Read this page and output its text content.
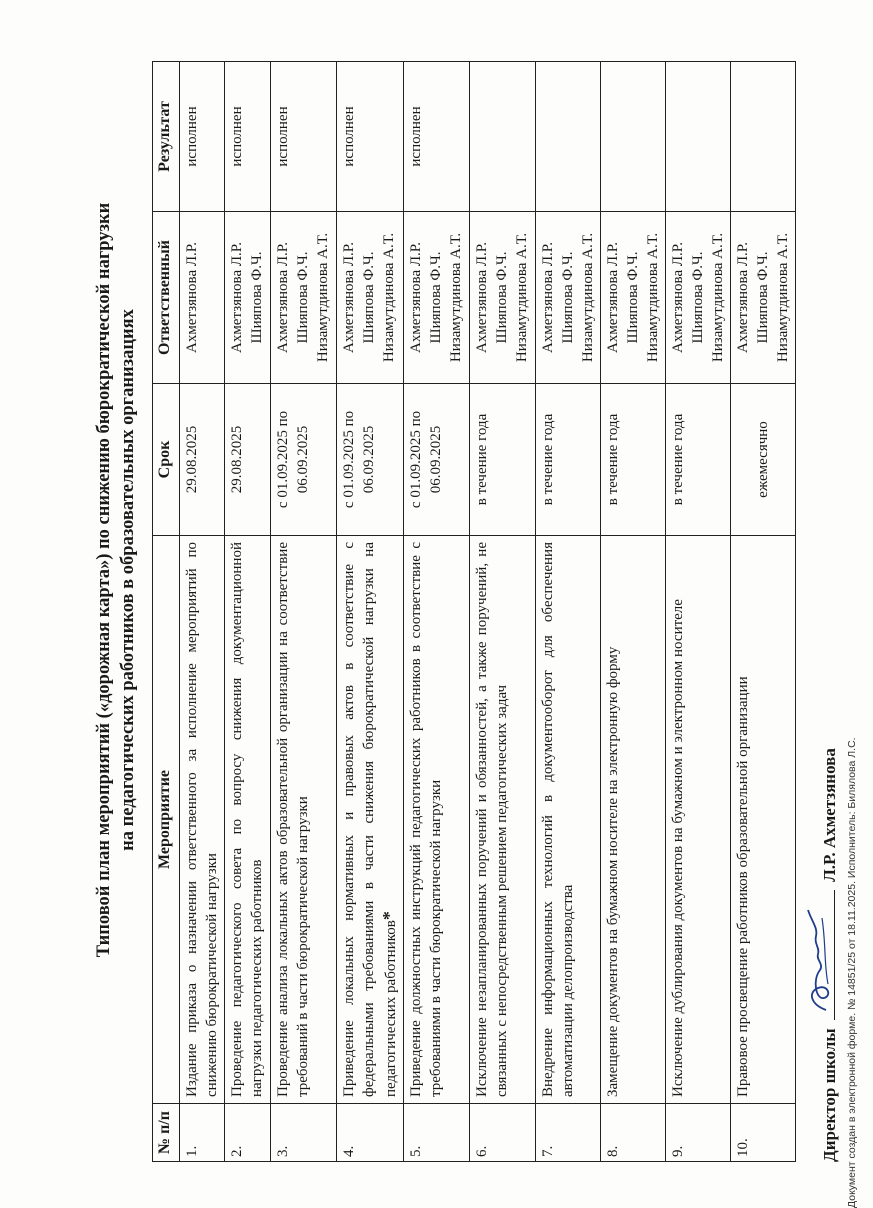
Типовой план мероприятий («дорожная карта») по снижению бюрократической нагрузки на педагогических работников в образовательных организациях
№ п/п	Мероприятие	Срок	Ответственный	Результат
1.	Издание приказа о назначении ответственного за исполнение мероприятий по снижению бюрократической нагрузки	29.08.2025	Ахметзянова Л.Р.	исполнен
2.	Проведение педагогического совета по вопросу снижения документационной нагрузки педагогических работников	29.08.2025	Ахметзянова Л.Р. Шияпова Ф.Ч.	исполнен
3.	Проведение анализа локальных актов образовательной организации на соответствие требований в части бюрократической нагрузки	с 01.09.2025 по 06.09.2025	Ахметзянова Л.Р. Шияпова Ф.Ч. Низамутдинова А.Т.	исполнен
4.	Приведение локальных нормативных и правовых актов в соответствие с федеральными требованиями в части снижения бюрократической нагрузки на педагогических работников*	с 01.09.2025 по 06.09.2025	Ахметзянова Л.Р. Шияпова Ф.Ч. Низамутдинова А.Т.	исполнен
5.	Приведение должностных инструкций педагогических работников в соответствие с требованиями в части бюрократической нагрузки	с 01.09.2025 по 06.09.2025	Ахметзянова Л.Р. Шияпова Ф.Ч. Низамутдинова А.Т.	исполнен
6.	Исключение незапланированных поручений и обязанностей, а также поручений, не связанных с непосредственным решением педагогических задач	в течение года	Ахметзянова Л.Р. Шияпова Ф.Ч. Низамутдинова А.Т.	
7.	Внедрение информационных технологий в документооборот для обеспечения автоматизации делопроизводства	в течение года	Ахметзянова Л.Р. Шияпова Ф.Ч. Низамутдинова А.Т.	
8.	Замещение документов на бумажном носителе на электронную форму	в течение года	Ахметзянова Л.Р. Шияпова Ф.Ч. Низамутдинова А.Т.	
9.	Исключение дублирования документов на бумажном и электронном носителе	в течение года	Ахметзянова Л.Р. Шияпова Ф.Ч. Низамутдинова А.Т.	
10.	Правовое просвещение работников образовательной организации	ежемесячно	Ахметзянова Л.Р. Шияпова Ф.Ч. Низамутдинова А.Т.	
Директор школы
Л.Р. Ахметзянова Документ создан в электронной форме. № 14851/25 от 18.11.2025. Исполнитель: Билялова Л.С.
